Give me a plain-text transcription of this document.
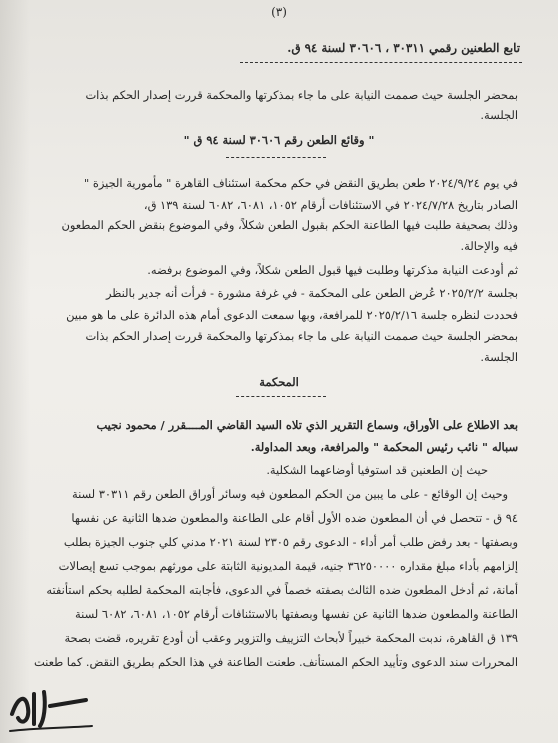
(٣)
تابع الطعنين رقمي ٣٠٣١١ ، ٣٠٦٠٦ لسنة ٩٤ ق.
بمحضر الجلسة حيث صممت النيابة على ما جاء بمذكرتها والمحكمة قررت إصدار الحكم بذات
الجلسة.
" وقائع الطعن رقم ٣٠٦٠٦ لسنة ٩٤ ق "
في يوم ٢٠٢٤/٩/٢٤ طعن بطريق النقض في حكم محكمة استئناف القاهرة " مأمورية الجيزة "
الصادر بتاريخ ٢٠٢٤/٧/٢٨ في الاستئنافات أرقام ١٠٥٢، ٦٠٨١، ٦٠٨٢ لسنة ١٣٩ ق،
وذلك بصحيفة طلبت فيها الطاعنة الحكم بقبول الطعن شكلاً، وفي الموضوع بنقض الحكم المطعون
فيه والإحالة.
ثم أودعت النيابة مذكرتها وطلبت فيها قبول الطعن شكلاً، وفي الموضوع برفضه.
بجلسة ٢٠٢٥/٢/٢ عُرض الطعن على المحكمة - في غرفة مشورة - فرأت أنه جدير بالنظر
فحددت لنظره جلسة ٢٠٢٥/٢/١٦ للمرافعة، وبها سمعت الدعوى أمام هذه الدائرة على ما هو مبين
بمحضر الجلسة حيث صممت النيابة على ما جاء بمذكرتها والمحكمة قررت إصدار الحكم بذات
الجلسة.
المحكمة
بعد الاطلاع على الأوراق، وسماع التقرير الذي تلاه السيد القاضي المــــقرر / محمود نجيب
سباله " نائب رئيس المحكمة " والمرافعة، وبعد المداولة.
حيث إن الطعنين قد استوفيا أوضاعهما الشكلية.
وحيث إن الوقائع - على ما يبين من الحكم المطعون فيه وسائر أوراق الطعن رقم ٣٠٣١١ لسنة
٩٤ ق - تتحصل في أن المطعون ضده الأول أقام على الطاعنة والمطعون ضدها الثانية عن نفسها
وبصفتها - بعد رفض طلب أمر أداء - الدعوى رقم ٢٣٠٥ لسنة ٢٠٢١ مدني كلي جنوب الجيزة بطلب
إلزامهم بأداء مبلغ مقداره ٣٦٢٥٠٠٠٠ جنيه، قيمة المديونية الثابتة على مورثهم بموجب تسع إيصالات
أمانة، ثم أدخل المطعون ضده الثالث بصفته خصماً في الدعوى، فأجابته المحكمة لطلبه بحكم استأنفته
الطاعنة والمطعون ضدها الثانية عن نفسها وبصفتها بالاستئنافات أرقام ١٠٥٢، ٦٠٨١، ٦٠٨٢ لسنة
١٣٩ ق القاهرة، ندبت المحكمة خبيراً لأبحاث التزييف والتزوير وعقب أن أودع تقريره، قضت بصحة
المحررات سند الدعوى وتأييد الحكم المستأنف. طعنت الطاعنة في هذا الحكم بطريق النقض. كما طعنت
